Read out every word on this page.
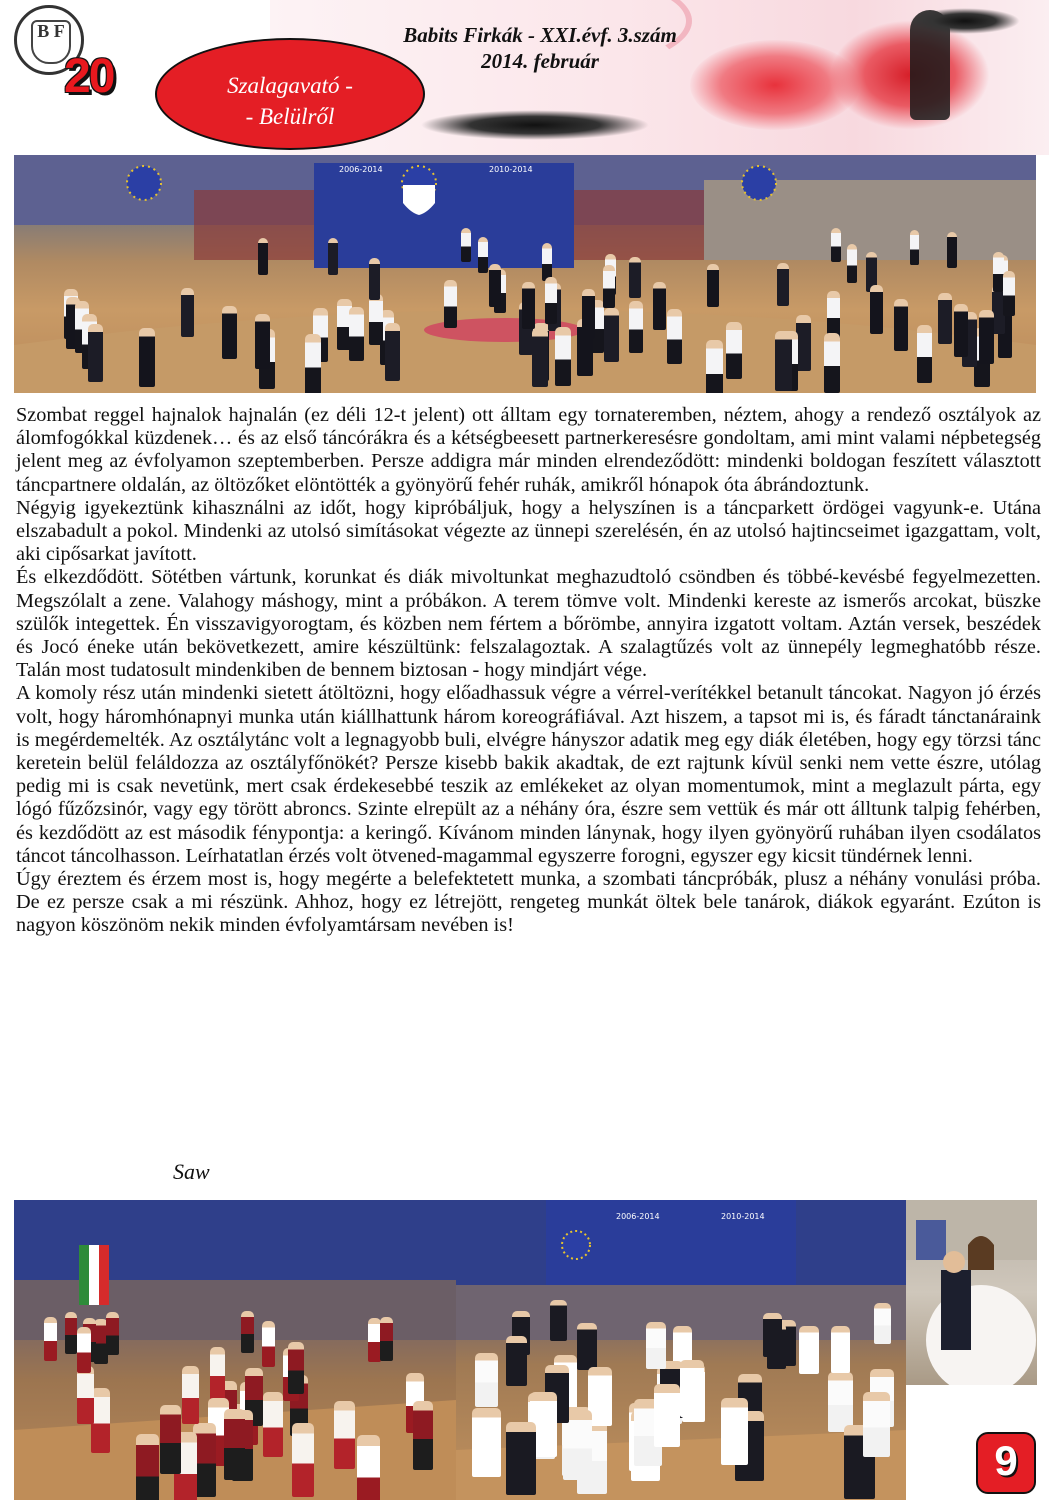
B F
20	Szalagavató -
- Belülről
Babits Firkák - XXI.évf. 3.szám
2014. február
2006-2014	2010-2014

Szombat reggel hajnalok hajnalán (ez déli 12-t jelent) ott álltam egy tornateremben, néztem, ahogy a rendező osztályok az álomfogókkal küzdenek… és az első táncórákra és a kétségbeesett partnerkeresésre gondoltam, ami mint valami népbetegség jelent meg az évfolyamon szeptemberben. Persze addigra már minden elrendeződött: mindenki boldogan feszített választott táncpartnere oldalán, az öltözőket elöntötték a gyönyörű fehér ruhák, amikről hónapok óta ábrándoztunk.

Négyig igyekeztünk kihasználni az időt, hogy kipróbáljuk, hogy a helyszínen is a táncparkett ördögei vagyunk-e. Utána elszabadult a pokol. Mindenki az utolsó simításokat végezte az ünnepi szerelésén, én az utolsó hajtincseimet igazgattam, volt, aki cipősarkat javított.

És elkezdődött. Sötétben vártunk, korunkat és diák mivoltunkat meghazudtoló csöndben és többé-kevésbé fegyelmezetten. Megszólalt a zene. Valahogy máshogy, mint a próbákon. A terem tömve volt. Mindenki kereste az ismerős arcokat, büszke szülők integettek. Én visszavigyorogtam, és közben nem fértem a bőrömbe, annyira izgatott voltam. Aztán versek, beszédek és Jocó éneke után bekövetkezett, amire készültünk: felszalagoztak. A szalagtűzés volt az ünnepély legmeghatóbb része. Talán most tudatosult mindenkiben de bennem biztosan - hogy mindjárt vége.

A komoly rész után mindenki sietett átöltözni, hogy előadhassuk végre a vérrel-verítékkel betanult táncokat. Nagyon jó érzés volt, hogy háromhónapnyi munka után kiállhattunk három koreográfiával. Azt hiszem, a tapsot mi is, és fáradt tánctanáraink is megérdemelték. Az osztálytánc volt a legnagyobb buli, elvégre hányszor adatik meg egy diák életében, hogy egy törzsi tánc keretein belül feláldozza az osztályfőnökét? Persze kisebb bakik akadtak, de ezt rajtunk kívül senki nem vette észre, utólag pedig mi is csak nevetünk, mert csak érdekesebbé teszik az emlékeket az olyan momentumok, mint a meglazult párta, egy lógó fűzőzsinór, vagy egy törött abroncs. Szinte elrepült az a néhány óra, észre sem vettük és már ott álltunk talpig fehérben, és kezdődött az est második fénypontja: a keringő. Kívánom minden lánynak, hogy ilyen gyönyörű ruhában ilyen csodálatos táncot táncolhasson. Leírhatatlan érzés volt ötvened-magammal egyszerre forogni, egyszer egy kicsit tündérnek lenni.

Úgy éreztem és érzem most is, hogy megérte a belefektetett munka, a szombati táncpróbák, plusz a néhány vonulási próba. De ez persze csak a mi részünk. Ahhoz, hogy ez létrejött, rengeteg munkát öltek bele tanárok, diákok egyaránt. Ezúton is nagyon köszönöm nekik minden évfolyamtársam nevében is!

Saw
2006-2014	2010-2014
9
